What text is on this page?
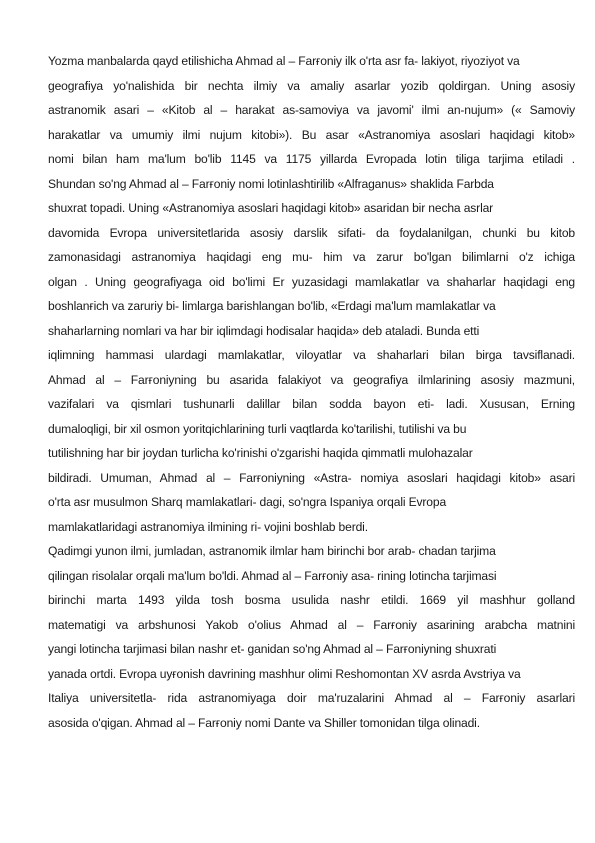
Yozma manbalarda qayd etilishicha Ahmad al – Farғoniy ilk o'rta asr fa- lakiyot, riyoziyot va
geografiya yo'nalishida bir nechta ilmiy va amaliy asarlar yozib qoldirgan. Uning asosiy
astranomik asari – «Kitob al – harakat as-samoviya va javomi' ilmi an-nujum» (« Samoviy
harakatlar va umumiy ilmi nujum kitobi»). Bu asar «Astranomiya asoslari haqidagi kitob»
nomi bilan ham ma'lum bo'lib 1145 va 1175 yillarda Evropada lotin tiliga tarjima etiladi .
Shundan so'ng Ahmad al – Farғoniy nomi lotinlashtirilib «Alfraganus» shaklida Farbda
shuxrat topadi. Uning «Astranomiya asoslari haqidagi kitob» asaridan bir necha asrlar
davomida Evropa universitetlarida asosiy darslik sifati- da foydalanilgan, chunki bu kitob
zamonasidagi astranomiya haqidagi eng mu- him va zarur bo'lgan bilimlarni o'z ichiga
olgan . Uning geografiyaga oid bo'limi Er yuzasidagi mamlakatlar va shaharlar haqidagi eng
boshlanғich va zaruriy bi- limlarga baғishlangan bo'lib, «Erdagi ma'lum mamlakatlar va
shaharlarning nomlari va har bir iqlimdagi hodisalar haqida» deb ataladi. Bunda etti
iqlimning hammasi ulardagi mamlakatlar, viloyatlar va shaharlari bilan birga tavsiflanadi.
Ahmad al – Farғoniyning bu asarida falakiyot va geografiya ilmlarining asosiy mazmuni,
vazifalari va qismlari tushunarli dalillar bilan sodda bayon eti- ladi. Xususan, Erning
dumaloqligi, bir xil osmon yoritqichlarining turli vaqtlarda ko'tarilishi, tutilishi va bu
tutilishning har bir joydan turlicha ko'rinishi o'zgarishi haqida qimmatli mulohazalar
bildiradi. Umuman, Ahmad al – Farғoniyning «Astra- nomiya asoslari haqidagi kitob» asari
o'rta asr musulmon Sharq mamlakatlari- dagi, so'ngra Ispaniya orqali Evropa
mamlakatlaridagi astranomiya ilmining ri- vojini boshlab berdi.
Qadimgi yunon ilmi, jumladan, astranomik ilmlar ham birinchi bor arab- chadan tarjima
qilingan risolalar orqali ma'lum bo'ldi. Ahmad al – Farғoniy asa- rining lotincha tarjimasi
birinchi marta 1493 yilda tosh bosma usulida nashr etildi. 1669 yil mashhur golland
matematigi va arbshunosi Yakob o'olius Ahmad al – Farғoniy asarining arabcha matnini
yangi lotincha tarjimasi bilan nashr et- ganidan so'ng Ahmad al – Farғoniyning shuxrati
yanada ortdi. Evropa uyғonish davrining mashhur olimi Reshomontan XV asrda Avstriya va
Italiya universitetla- rida astranomiyaga doir ma'ruzalarini Ahmad al – Farғoniy asarlari
asosida o'qigan. Ahmad al – Farғoniy nomi Dante va Shiller tomonidan tilga olinadi.
